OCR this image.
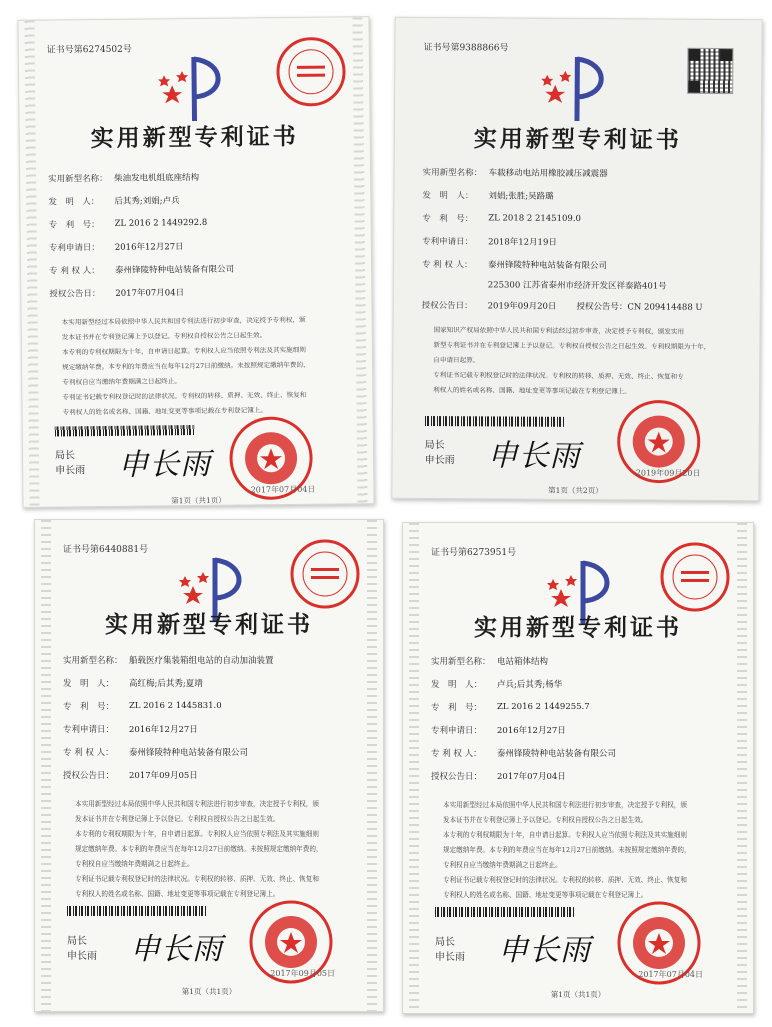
证书号第6274502号
实用新型专利证书
实用新型名称： 柴油发电机组底座结构
发　明　人：	后其秀;刘娟;卢兵
专　利　号：	ZL 2016 2 1449292.8
专利申请日：	2016年12月27日
专 利 权 人：	泰州锋陵特种电站装备有限公司
授权公告日：	2017年07月04日

本实用新型经过本局依照中华人民共和国专利法进行初步审查，决定授予专利权，颁

发本证书并在专利登记簿上予以登记。专利权自授权公告之日起生效。

本专利的专利权期限为十年，自申请日起算。专利权人应当依照专利法及其实施细则

规定缴纳年费。本专利的年费应当在每年12月27日前缴纳。未按照规定缴纳年费的，

专利权自应当缴纳年费期满之日起终止。

专利证书记载专利权登记时的法律状况。专利权的转移、质押、无效、终止、恢复和

专利权人的姓名或名称、国籍、地址变更等事项记载在专利登记簿上。

局长
申长雨 申长雨
2017年07月04日
第1页（共1页）
证书号第9388866号
实用新型专利证书
实用新型名称： 车载移动电站用橡胶减压减震器
发　明　人：	刘娟;张胜;吴路璐
专　利　号：	ZL 2018 2 2145109.0
专利申请日：	2018年12月19日
专 利 权 人：	泰州锋陵特种电站装备有限公司
225300 江苏省泰州市经济开发区祥泰路401号
授权公告日：	2019年09月20日 授权公告号：CN 209414488 U

国家知识产权局依照中华人民共和国专利法经过初步审查，决定授予专利权，颁发实用

新型专利证书并在专利登记簿上予以登记。专利权自授权公告之日起生效。专利权期限为十年，

自申请日起算。

专利证书记载专利权登记时的法律状况。专利权的转移、质押、无效、终止、恢复和专

利权人的姓名或名称、国籍、地址变更等事项记载在专利登记簿上。

局长
申长雨 申长雨	2019年09月20日
第1页（共2页）
证书号第6440881号
实用新型专利证书
实用新型名称： 船载医疗集装箱组电站的自动加油装置
发　明　人：	高红梅;后其秀;夏靖
专　利　号：	ZL 2016 2 1445831.0
专利申请日：	2016年12月27日
专 利 权 人：	泰州锋陵特种电站装备有限公司
授权公告日：	2017年09月05日

本实用新型经过本局依照中华人民共和国专利法进行初步审查，决定授予专利权，颁

发本证书并在专利登记簿上予以登记。专利权自授权公告之日起生效。

本专利的专利权期限为十年，自申请日起算。专利权人应当依照专利法及其实施细则

规定缴纳年费。本专利的年费应当在每年12月27日前缴纳。未按照规定缴纳年费的，

专利权自应当缴纳年费期满之日起终止。

专利证书记载专利权登记时的法律状况。专利权的转移、质押、无效、终止、恢复和

专利权人的姓名或名称、国籍、地址变更等事项记载在专利登记簿上。

局长
申长雨 申长雨
2017年09月05日
第1页（共1页）
证书号第6273951号
实用新型专利证书
实用新型名称： 电站箱体结构
发　明　人：	卢兵;后其秀;杨华
专　利　号：	ZL 2016 2 1449255.7
专利申请日：	2016年12月27日
专 利 权 人：	泰州锋陵特种电站装备有限公司
授权公告日：	2017年07月04日

本实用新型经过本局依照中华人民共和国专利法进行初步审查，决定授予专利权，颁

发本证书并在专利登记簿上予以登记。专利权自授权公告之日起生效。

本专利的专利权期限为十年，自申请日起算。专利权人应当依照专利法及其实施细则

规定缴纳年费。本专利的年费应当在每年12月27日前缴纳。未按照规定缴纳年费的，

专利权自应当缴纳年费期满之日起终止。

专利证书记载专利权登记时的法律状况。专利权的转移、质押、无效、终止、恢复和

专利权人的姓名或名称、国籍、地址变更等事项记载在专利登记簿上。

局长
申长雨 申长雨
2017年07月04日
第1页（共1页）
